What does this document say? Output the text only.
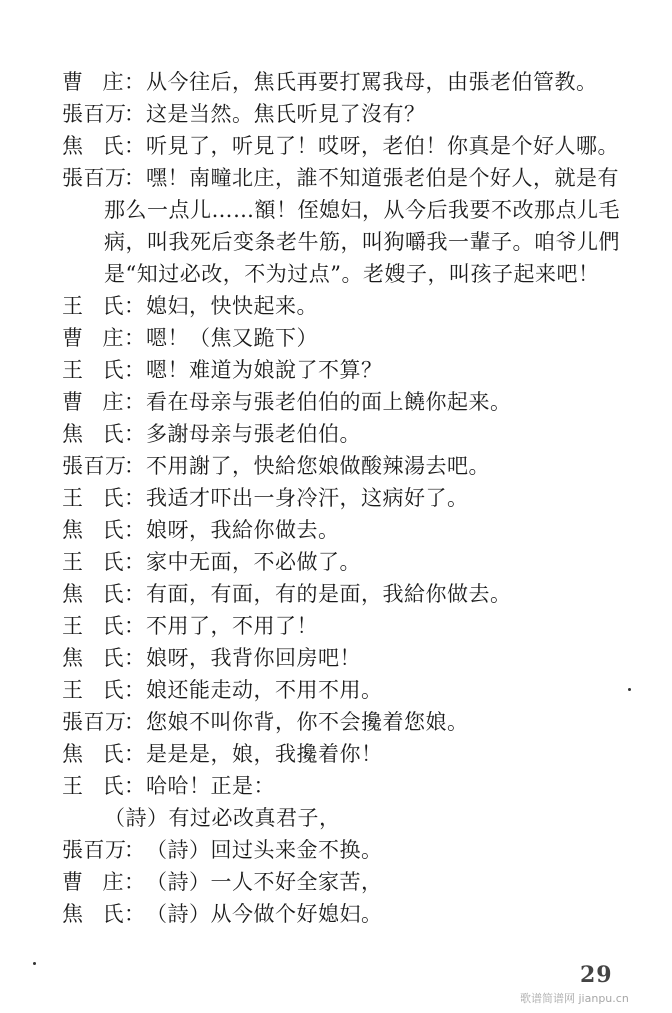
曹 庄 ： 从今往后，焦氏再要打罵我母，由張老伯管教。
張百万
： 这是当然。焦氏听見了沒有？
焦 氏 ： 听見了，听見了！哎呀，老伯！你真是个好人哪。
張百万
： 嘿！南疃北庄，誰不知道張老伯是个好人，就是有
那么一点儿……額！侄媳妇，从今后我要不改那点儿毛
病，叫我死后变条老牛筋，叫狗嚼我一輩子。咱爷儿們
是“知过必改，不为过点”。老嫂子，叫孩子起来吧！
王 氏 ： 媳妇，快快起来。
曹 庄 ： 嗯！（焦又跪下）
王 氏 ： 嗯！难道为娘說了不算？
曹 庄 ： 看在母亲与張老伯伯的面上饒你起来。
焦 氏 ： 多謝母亲与張老伯伯。
張百万
： 不用謝了，快給您娘做酸辣湯去吧。
王 氏 ： 我适才吓出一身冷汗，这病好了。
焦 氏 ： 娘呀，我給你做去。
王 氏 ： 家中无面，不必做了。
焦 氏 ： 有面，有面，有的是面，我給你做去。
王 氏 ： 不用了，不用了！
焦 氏 ： 娘呀，我背你回房吧！
王 氏 ： 娘还能走动，不用不用。
張百万
： 您娘不叫你背，你不会攙着您娘。
焦 氏 ： 是是是，娘，我攙着你！
王 氏 ： 哈哈！正是：
（詩）有过必改真君子，
張百万
： （詩）回过头来金不换。
曹 庄 ： （詩）一人不好全家苦，
焦 氏 ： （詩）从今做个好媳妇。
29
歌谱简谱网 jianpu.cn
